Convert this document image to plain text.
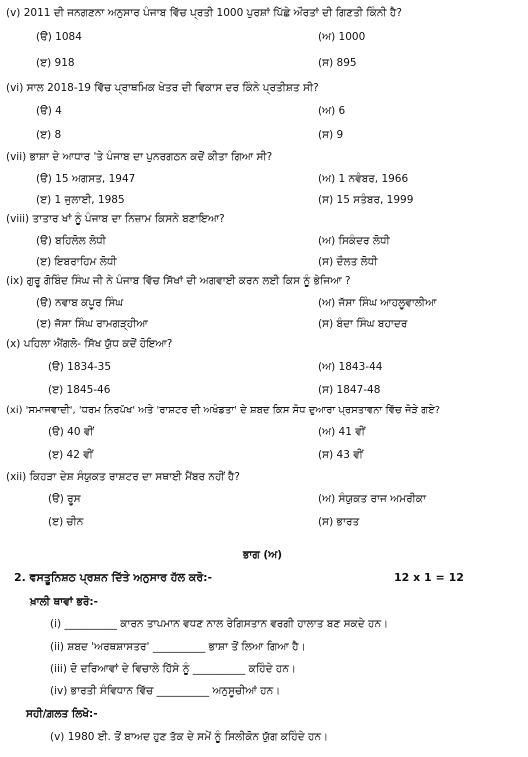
(v) 2011 ਦੀ ਜਨਗਣਨਾ ਅਨੁਸਾਰ ਪੰਜਾਬ ਵਿੱਚ ਪ੍ਰਤੀ 1000 ਪੁਰਸ਼ਾਂ ਪਿੱਛੇ ਔਰਤਾਂ ਦੀ ਗਿਣਤੀ ਕਿੰਨੀ ਹੈ?
(ੳ) 1084	(ਅ) 1000
(ੲ) 918	(ਸ) 895
(vi) ਸਾਲ 2018-19 ਵਿੱਚ ਪ੍ਰਾਥਮਿਕ ਖੇਤਰ ਦੀ ਵਿਕਾਸ ਦਰ ਕਿੰਨੇ ਪ੍ਰਤੀਸ਼ਤ ਸੀ?
(ੳ) 4	(ਅ) 6
(ੲ) 8	(ਸ) 9
(vii) ਭਾਸ਼ਾ ਦੇ ਆਧਾਰ 'ਤੇ ਪੰਜਾਬ ਦਾ ਪੁਨਰਗਠਨ ਕਦੋਂ ਕੀਤਾ ਗਿਆ ਸੀ?
(ੳ) 15 ਅਗਸਤ, 1947	(ਅ) 1 ਨਵੰਬਰ, 1966
(ੲ) 1 ਜੁਲਾਈ, 1985	(ਸ) 15 ਸਤੰਬਰ, 1999
(viii) ਤਾਤਾਰ ਖਾਂ ਨੂੰ ਪੰਜਾਬ ਦਾ ਨਿਜ਼ਾਮ ਕਿਸਨੇ ਬਣਾਇਆ?
(ੳ) ਬਹਿਲੋਲ ਲੋਧੀ	(ਅ) ਸਿਕੰਦਰ ਲੋਧੀ
(ੲ) ਇਬਰਾਹਿਮ ਲੋਧੀ	(ਸ) ਦੌਲਤ ਲੋਧੀ
(ix) ਗੁਰੂ ਗੋਬਿੰਦ ਸਿੰਘ ਜੀ ਨੇ ਪੰਜਾਬ ਵਿੱਚ ਸਿੱਖਾਂ ਦੀ ਅਗਵਾਈ ਕਰਨ ਲਈ ਕਿਸ ਨੂੰ ਭੇਜਿਆ ?
(ੳ) ਨਵਾਬ ਕਪੂਰ ਸਿੰਘ	(ਅ) ਜੱਸਾ ਸਿੰਘ ਆਹਲੂਵਾਲੀਆ
(ੲ) ਜੱਸਾ ਸਿੰਘ ਰਾਮਗੜ੍ਹੀਆ	(ਸ) ਬੰਦਾ ਸਿੰਘ ਬਹਾਦਰ
(x) ਪਹਿਲਾ ਐਂਗਲੋ- ਸਿੱਖ ਯੁੱਧ ਕਦੋਂ ਹੋਇਆ?
(ੳ) 1834-35	(ਅ) 1843-44
(ੲ) 1845-46	(ਸ) 1847-48
(xi) 'ਸਮਾਜਵਾਦੀ', 'ਧਰਮ ਨਿਰਪੱਖ' ਅਤੇ 'ਰਾਸ਼ਟਰ ਦੀ ਅਖੰਡਤਾ' ਦੇ ਸ਼ਬਦ ਕਿਸ ਸੋਧ ਦੁਆਰਾ ਪ੍ਰਸਤਾਵਨਾ ਵਿੱਚ ਜੋੜੇ ਗਏ?
(ੳ) 40 ਵੀਂ	(ਅ) 41 ਵੀਂ
(ੲ) 42 ਵੀਂ	(ਸ) 43 ਵੀਂ
(xii) ਕਿਹੜਾ ਦੇਸ਼ ਸੰਯੁਕਤ ਰਾਸ਼ਟਰ ਦਾ ਸਥਾਈ ਮੈਂਬਰ ਨਹੀਂ ਹੈ?
(ੳ) ਰੂਸ	(ਅ) ਸੰਯੁਕਤ ਰਾਜ ਅਮਰੀਕਾ
(ੲ) ਚੀਨ	(ਸ) ਭਾਰਤ
ਭਾਗ (ਅ)
2. ਵਸਤੂਨਿਸ਼ਠ ਪ੍ਰਸ਼ਨ ਦਿੱਤੇ ਅਨੁਸਾਰ ਹੱਲ ਕਰੋ:-	12 x 1 = 12
ਖ਼ਾਲੀ ਥਾਵਾਂ ਭਰੋ:-
(i) __________ ਕਾਰਨ ਤਾਪਮਾਨ ਵਧਣ ਨਾਲ ਰੇਗਿਸਤਾਨ ਵਰਗੀ ਹਾਲਾਤ ਬਣ ਸਕਦੇ ਹਨ।
(ii) ਸ਼ਬਦ 'ਅਰਥਸ਼ਾਸਤਰ' __________ ਭਾਸ਼ਾ ਤੋਂ ਲਿਆ ਗਿਆ ਹੈ।
(iii) ਦੋ ਦਰਿਆਵਾਂ ਦੇ ਵਿਚਾਲੇ ਹਿੱਸੇ ਨੂੰ __________ ਕਹਿੰਦੇ ਹਨ।
(iv) ਭਾਰਤੀ ਸੰਵਿਧਾਨ ਵਿੱਚ __________ ਅਨੁਸੂਚੀਆਂ ਹਨ।
ਸਹੀ/ਗ਼ਲਤ ਲਿਖੋ:-
(v) 1980 ਈ. ਤੋਂ ਬਾਅਦ ਹੁਣ ਤੱਕ ਦੇ ਸਮੇਂ ਨੂੰ ਸਿਲੀਕੋਨ ਯੁੱਗ ਕਹਿੰਦੇ ਹਨ।
